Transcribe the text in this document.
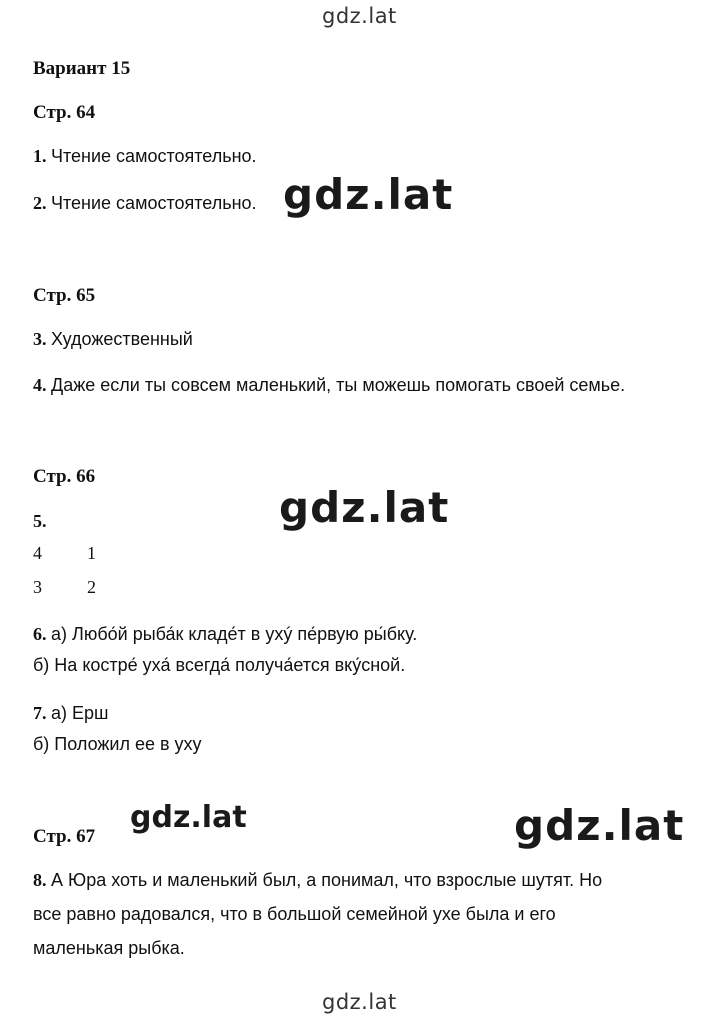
gdz.lat
gdz.lat
gdz.lat
gdz.lat	gdz.lat
gdz.lat
Вариант 15
Стр. 64
1. Чтение самостоятельно.
2. Чтение самостоятельно.
Стр. 65
3. Художественный
4. Даже если ты совсем маленький, ты можешь помогать своей семье.
Стр. 66
5.
4	1
3	2
6. а) Любо́й рыба́к кладе́т в ухý пе́рвую ры́бку.
б) На костре́ уха́ всегда́ получа́ется вку́сной.
7. а) Ерш
б) Положил ее в уху
Стр. 67
8. А Юра хоть и маленький был, а понимал, что взрослые шутят. Но
все равно радовался, что в большой семейной ухе была и его
маленькая рыбка.
